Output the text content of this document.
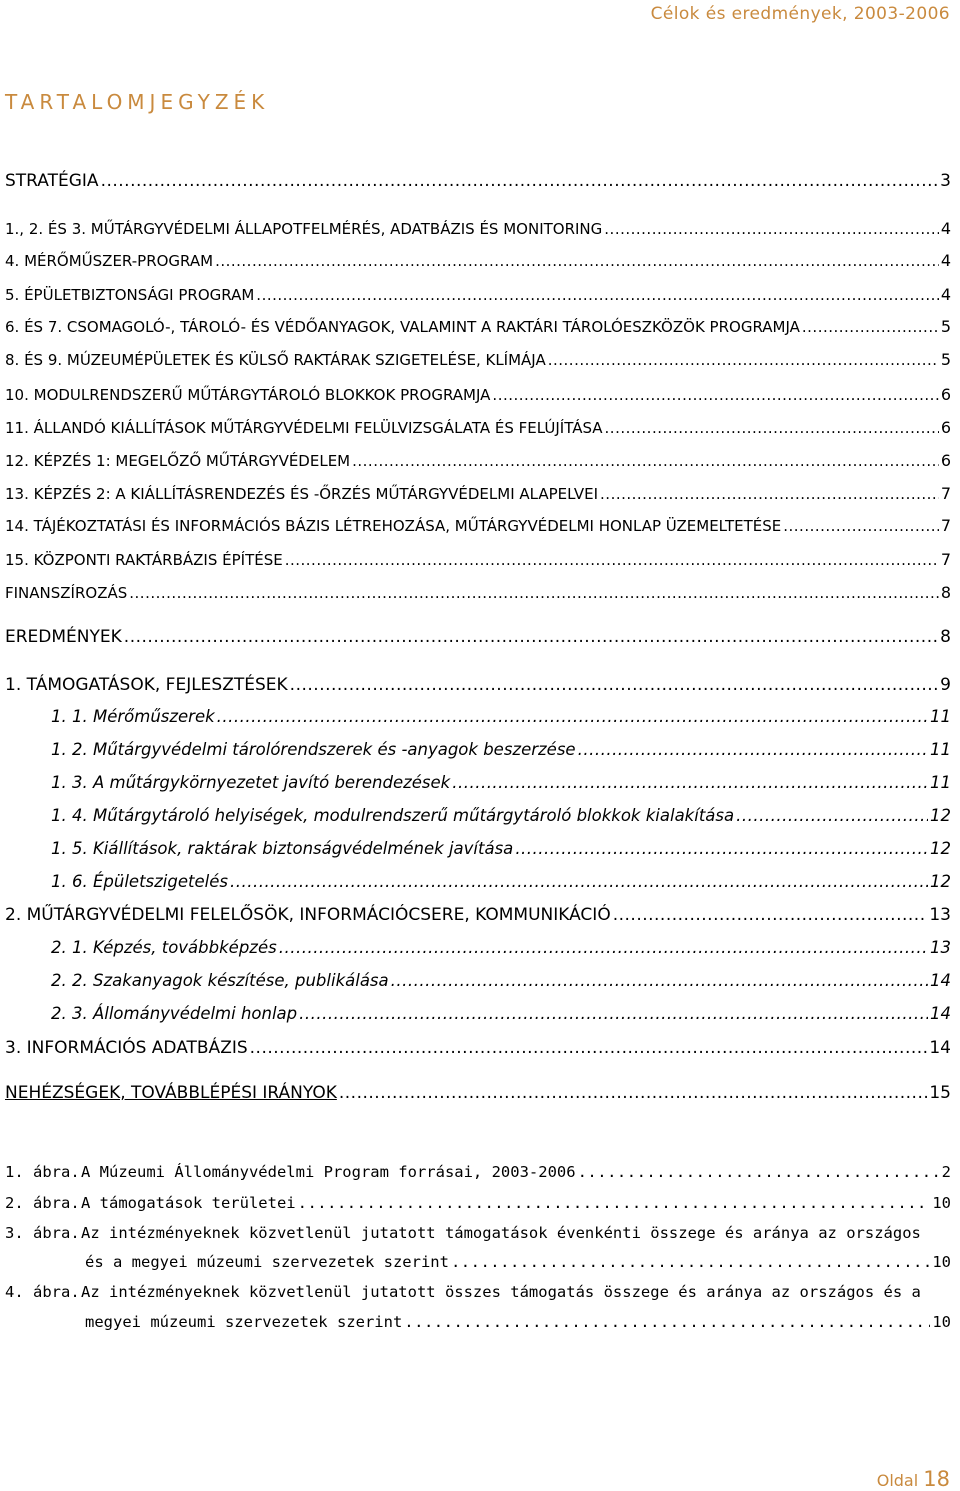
Célok és eredmények, 2003-2006
TARTALOMJEGYZÉK
STRATÉGIA .....	3
1., 2. ÉS 3. MŰTÁRGYVÉDELMI ÁLLAPOTFELMÉRÉS, ADATBÁZIS ÉS MONITORING .....	4
4. MÉRŐMŰSZER-PROGRAM .....	4
5. ÉPÜLETBIZTONSÁGI PROGRAM .....	4
6. ÉS 7. CSOMAGOLÓ-, TÁROLÓ- ÉS VÉDŐANYAGOK, VALAMINT A RAKTÁRI TÁROLÓESZKÖZÖK PROGRAMJA .....	5
8. ÉS 9. MÚZEUMÉPÜLETEK ÉS KÜLSŐ RAKTÁRAK SZIGETELÉSE, KLÍMÁJA .....	5
10. MODULRENDSZERŰ MŰTÁRGYTÁROLÓ BLOKKOK PROGRAMJA .....	6
11. ÁLLANDÓ KIÁLLÍTÁSOK MŰTÁRGYVÉDELMI FELÜLVIZSGÁLATA ÉS FELÚJÍTÁSA .....	6
12. KÉPZÉS 1: MEGELŐZŐ MŰTÁRGYVÉDELEM .....	6
13. KÉPZÉS 2: A KIÁLLÍTÁSRENDEZÉS ÉS -ŐRZÉS MŰTÁRGYVÉDELMI ALAPELVEI .....	7
14. TÁJÉKOZTATÁSI ÉS INFORMÁCIÓS BÁZIS LÉTREHOZÁSA, MŰTÁRGYVÉDELMI HONLAP ÜZEMELTETÉSE .....	7
15. KÖZPONTI RAKTÁRBÁZIS ÉPÍTÉSE .....	7
FINANSZÍROZÁS .....	8
EREDMÉNYEK .....	8
1. TÁMOGATÁSOK, FEJLESZTÉSEK .....	9
1. 1. Mérőműszerek .....	11
1. 2. Műtárgyvédelmi tárolórendszerek és -anyagok beszerzése .....	11
1. 3. A műtárgykörnyezetet javító berendezések .....	11
1. 4. Műtárgytároló helyiségek, modulrendszerű műtárgytároló blokkok kialakítása .....	12
1. 5. Kiállítások, raktárak biztonságvédelmének javítása .....	12
1. 6. Épületszigetelés .....	12
2. MŰTÁRGYVÉDELMI FELELŐSÖK, INFORMÁCIÓCSERE, KOMMUNIKÁCIÓ .....	13
2. 1. Képzés, továbbképzés .....	13
2. 2. Szakanyagok készítése, publikálása .....	14
2. 3. Állományvédelmi honlap .....	14
3. INFORMÁCIÓS ADATBÁZIS .....	14
NEHÉZSÉGEK, TOVÁBBLÉPÉSI IRÁNYOK .....	15
1. ábra.A Múzeumi Állományvédelmi Program forrásai, 2003-2006 .....	2
2. ábra.A támogatások területei .....	10
3. ábra.Az intézményeknek közvetlenül jutatott támogatások évenkénti összege és aránya az országos
és a megyei múzeumi szervezetek szerint .....	10
4. ábra.Az intézményeknek közvetlenül jutatott összes támogatás összege és aránya az országos és a
megyei múzeumi szervezetek szerint .....	10
Oldal 18
